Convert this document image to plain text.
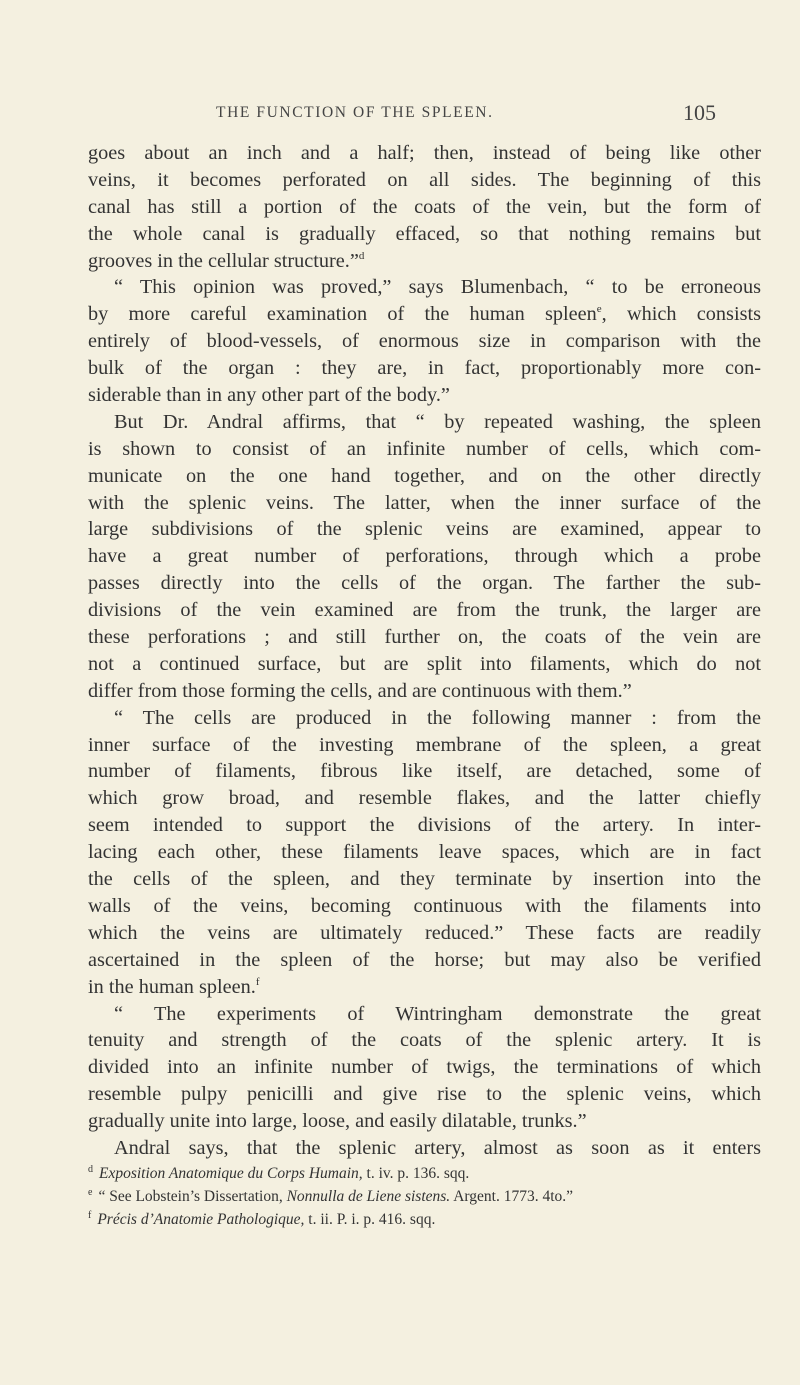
THE FUNCTION OF THE SPLEEN.	105
goes about an inch and a half; then, instead of being like other
veins, it becomes perforated on all sides. The beginning of this
canal has still a portion of the coats of the vein, but the form of
the whole canal is gradually effaced, so that nothing remains but
grooves in the cellular structure.”$^d$
“ This opinion was proved,” says Blumenbach, “ to be erroneous
by more careful examination of the human spleen$^e$, which consists
entirely of blood-vessels, of enormous size in comparison with the
bulk of the organ : they are, in fact, proportionably more con-
siderable than in any other part of the body.”
But Dr. Andral affirms, that “ by repeated washing, the spleen
is shown to consist of an infinite number of cells, which com-
municate on the one hand together, and on the other directly
with the splenic veins. The latter, when the inner surface of the
large subdivisions of the splenic veins are examined, appear to
have a great number of perforations, through which a probe
passes directly into the cells of the organ. The farther the sub-
divisions of the vein examined are from the trunk, the larger are
these perforations ; and still further on, the coats of the vein are
not a continued surface, but are split into filaments, which do not
differ from those forming the cells, and are continuous with them.”
“ The cells are produced in the following manner : from the
inner surface of the investing membrane of the spleen, a great
number of filaments, fibrous like itself, are detached, some of
which grow broad, and resemble flakes, and the latter chiefly
seem intended to support the divisions of the artery. In inter-
lacing each other, these filaments leave spaces, which are in fact
the cells of the spleen, and they terminate by insertion into the
walls of the veins, becoming continuous with the filaments into
which the veins are ultimately reduced.” These facts are readily
ascertained in the spleen of the horse; but may also be verified
in the human spleen.$^f$
“ The experiments of Wintringham demonstrate the great
tenuity and strength of the coats of the splenic artery. It is
divided into an infinite number of twigs, the terminations of which
resemble pulpy penicilli and give rise to the splenic veins, which
gradually unite into large, loose, and easily dilatable, trunks.”
Andral says, that the splenic artery, almost as soon as it enters
$^d$ Exposition Anatomique du Corps Humain, t. iv. p. 136. sqq.
$^e$ “ See Lobstein’s Dissertation, Nonnulla de Liene sistens. Argent. 1773. 4to.”
$^f$ Précis d’Anatomie Pathologique, t. ii. P. i. p. 416. sqq.
